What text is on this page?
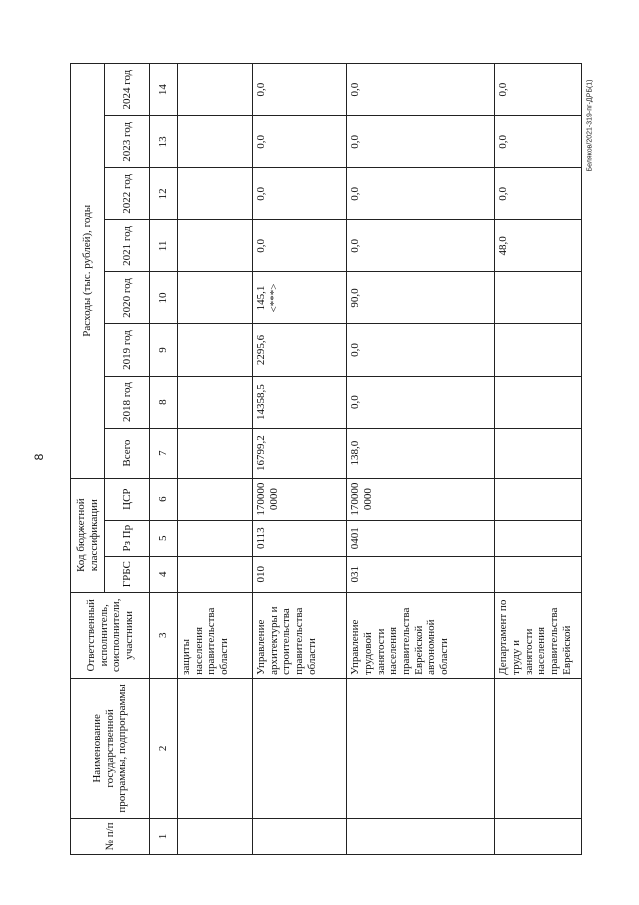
8
Беляков/2021-319-пг-ДРБ(1)
№ п/п	Наименование государственной программы, подпрограммы	Ответственный исполнитель, соисполнители, участники	Код бюджетной классификации			Расходы (тыс. рублей), годы							
			ГРБС	Рз Пр	ЦСР	Всего	2018 год	2019 год	2020 год	2021 год	2022 год	2023 год	2024 год
1	2	3	4	5	6	7	8	9	10	11	12	13	14
		защиты населения правительства области											
		Управление архитектуры и строительства правительства области	010	0113	170000 0000	16799,2	14358,5	2295,6	145,1 <***>	0,0	0,0	0,0	0,0
		Управление трудовой занятости населения правительства Еврейской автономной области	031	0401	170000 0000	138,0	0,0	0,0	90,0	0,0	0,0	0,0	0,0
		Департамент по труду и занятости населения правительства Еврейской								48,0	0,0	0,0	0,0
